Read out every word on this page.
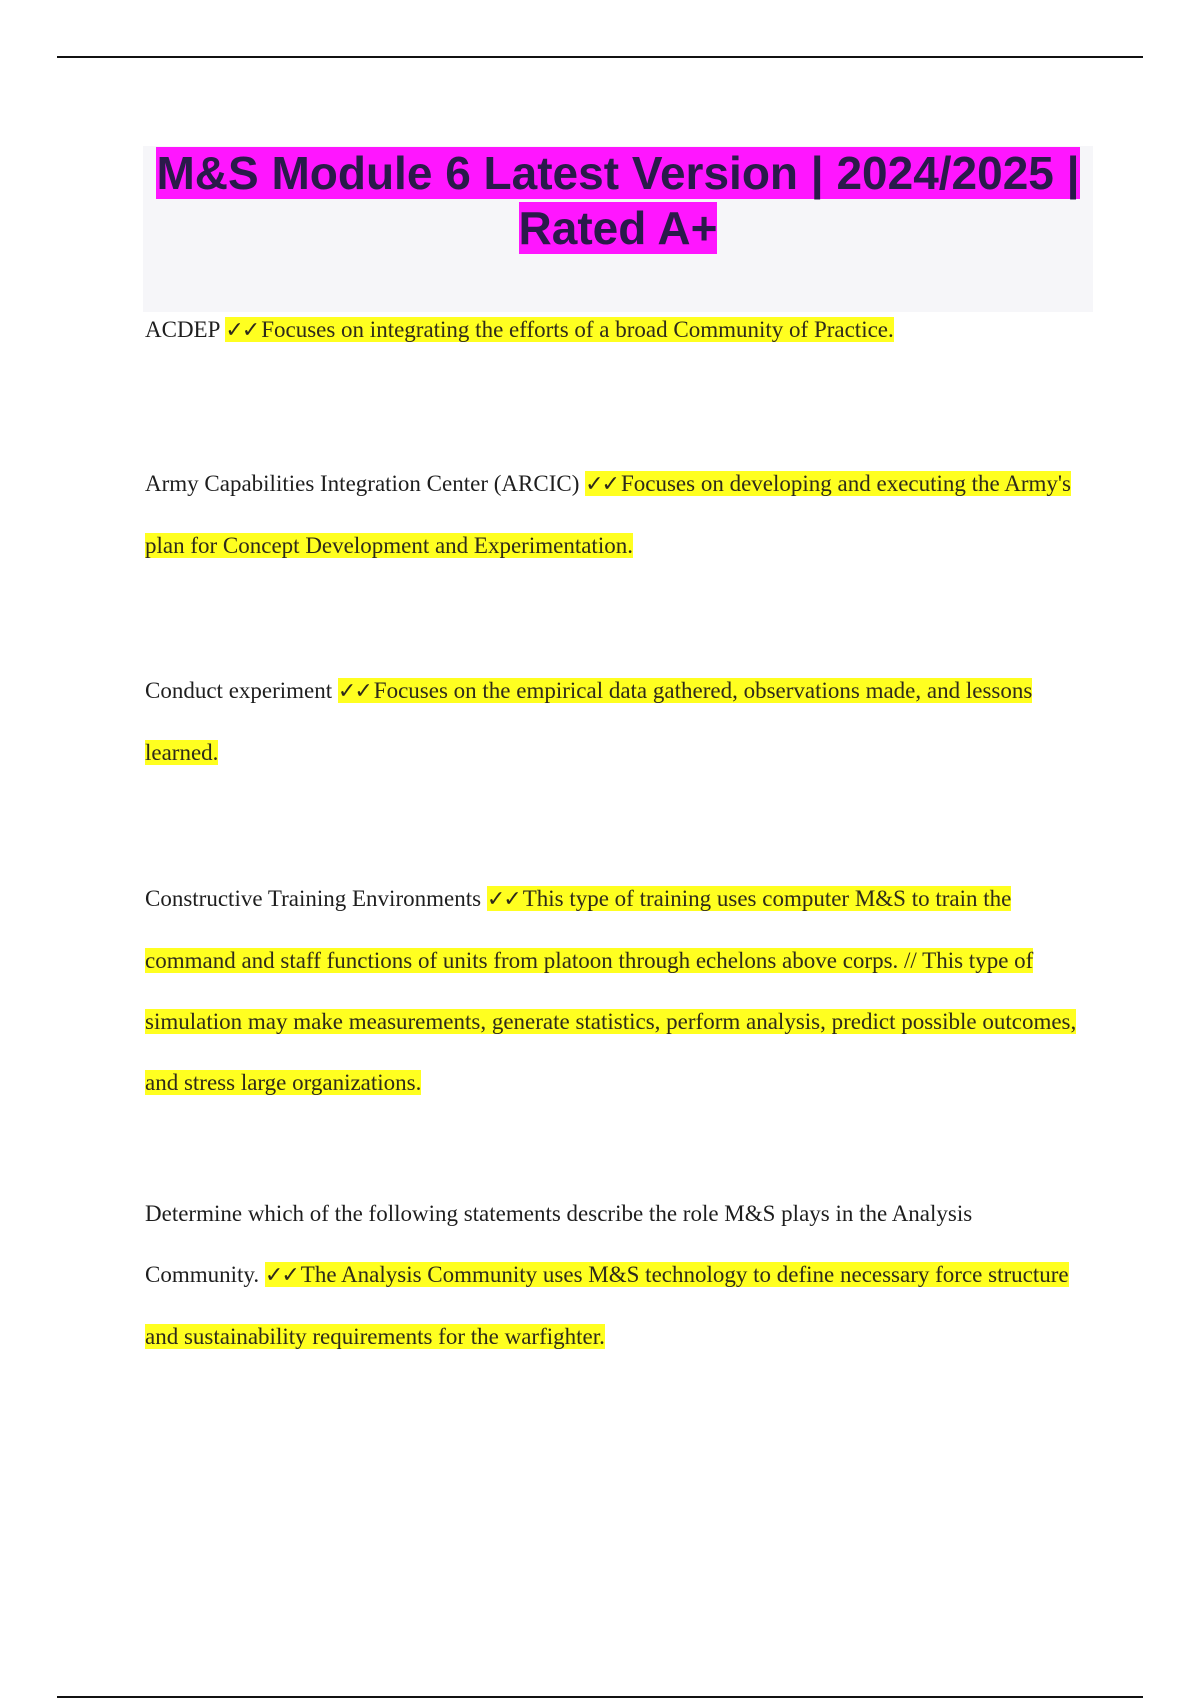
M&S Module 6 Latest Version | 2024/2025 | Rated A+
ACDEP ✓✓ Focuses on integrating the efforts of a broad Community of Practice.
Army Capabilities Integration Center (ARCIC) ✓✓ Focuses on developing and executing the Army's plan for Concept Development and Experimentation.
Conduct experiment ✓✓ Focuses on the empirical data gathered, observations made, and lessons learned.
Constructive Training Environments ✓✓ This type of training uses computer M&S to train the command and staff functions of units from platoon through echelons above corps. // This type of simulation may make measurements, generate statistics, perform analysis, predict possible outcomes, and stress large organizations.
Determine which of the following statements describe the role M&S plays in the Analysis Community. ✓✓ The Analysis Community uses M&S technology to define necessary force structure and sustainability requirements for the warfighter.
